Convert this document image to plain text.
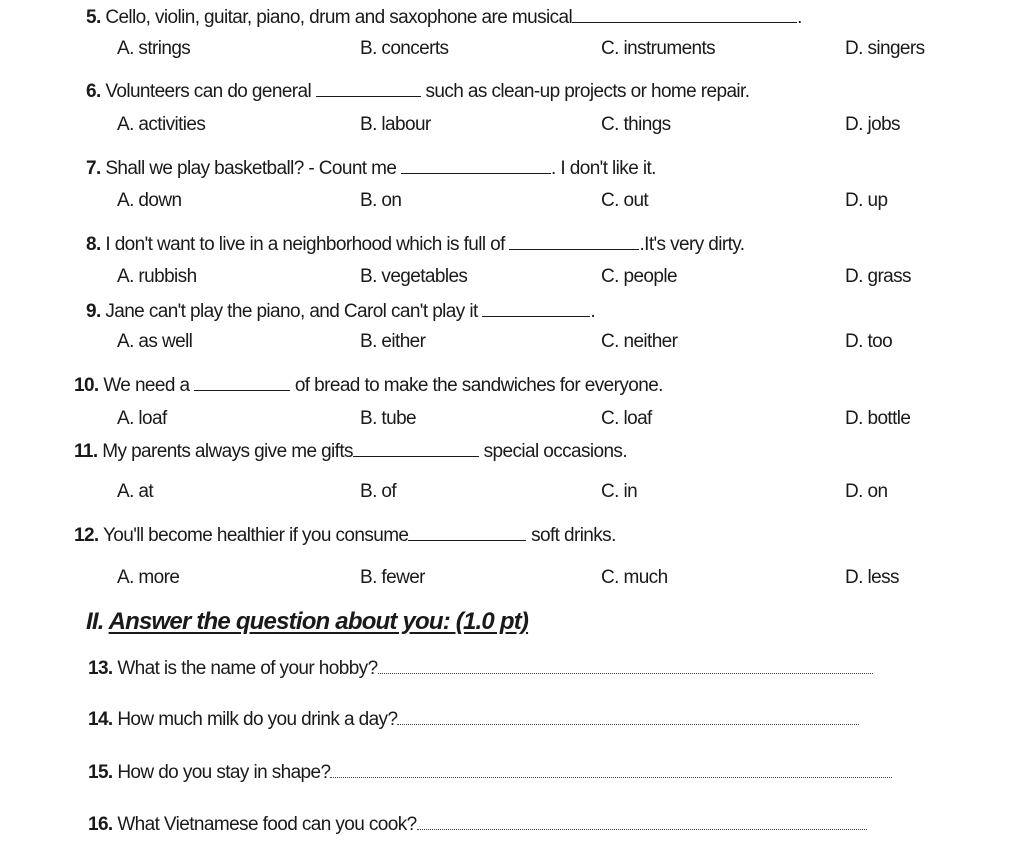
5. Cello, violin, guitar, piano, drum and saxophone are musical	.
A. strings	B. concerts	C. instruments	D. singers
6. Volunteers can do general	such as clean-up projects or home repair.
A. activities	B. labour	C. things	D. jobs
7. Shall we play basketball? - Count me	. I don't like it.
A. down	B. on	C. out	D. up
8. I don't want to live in a neighborhood which is full of	.It's very dirty.
A. rubbish	B. vegetables	C. people	D. grass
9. Jane can't play the piano, and Carol can't play it	.
A. as well	B. either	C. neither	D. too
10. We need a	of bread to make the sandwiches for everyone.
A. loaf	B. tube	C. loaf	D. bottle
11. My parents always give me gifts	special occasions.
A. at	B. of	C. in	D. on
12. You'll become healthier if you consume	soft drinks.
A. more	B. fewer	C. much	D. less
II. Answer the question about you: (1.0 pt)
13. What is the name of your hobby?
14. How much milk do you drink a day?
15. How do you stay in shape?
16. What Vietnamese food can you cook?
